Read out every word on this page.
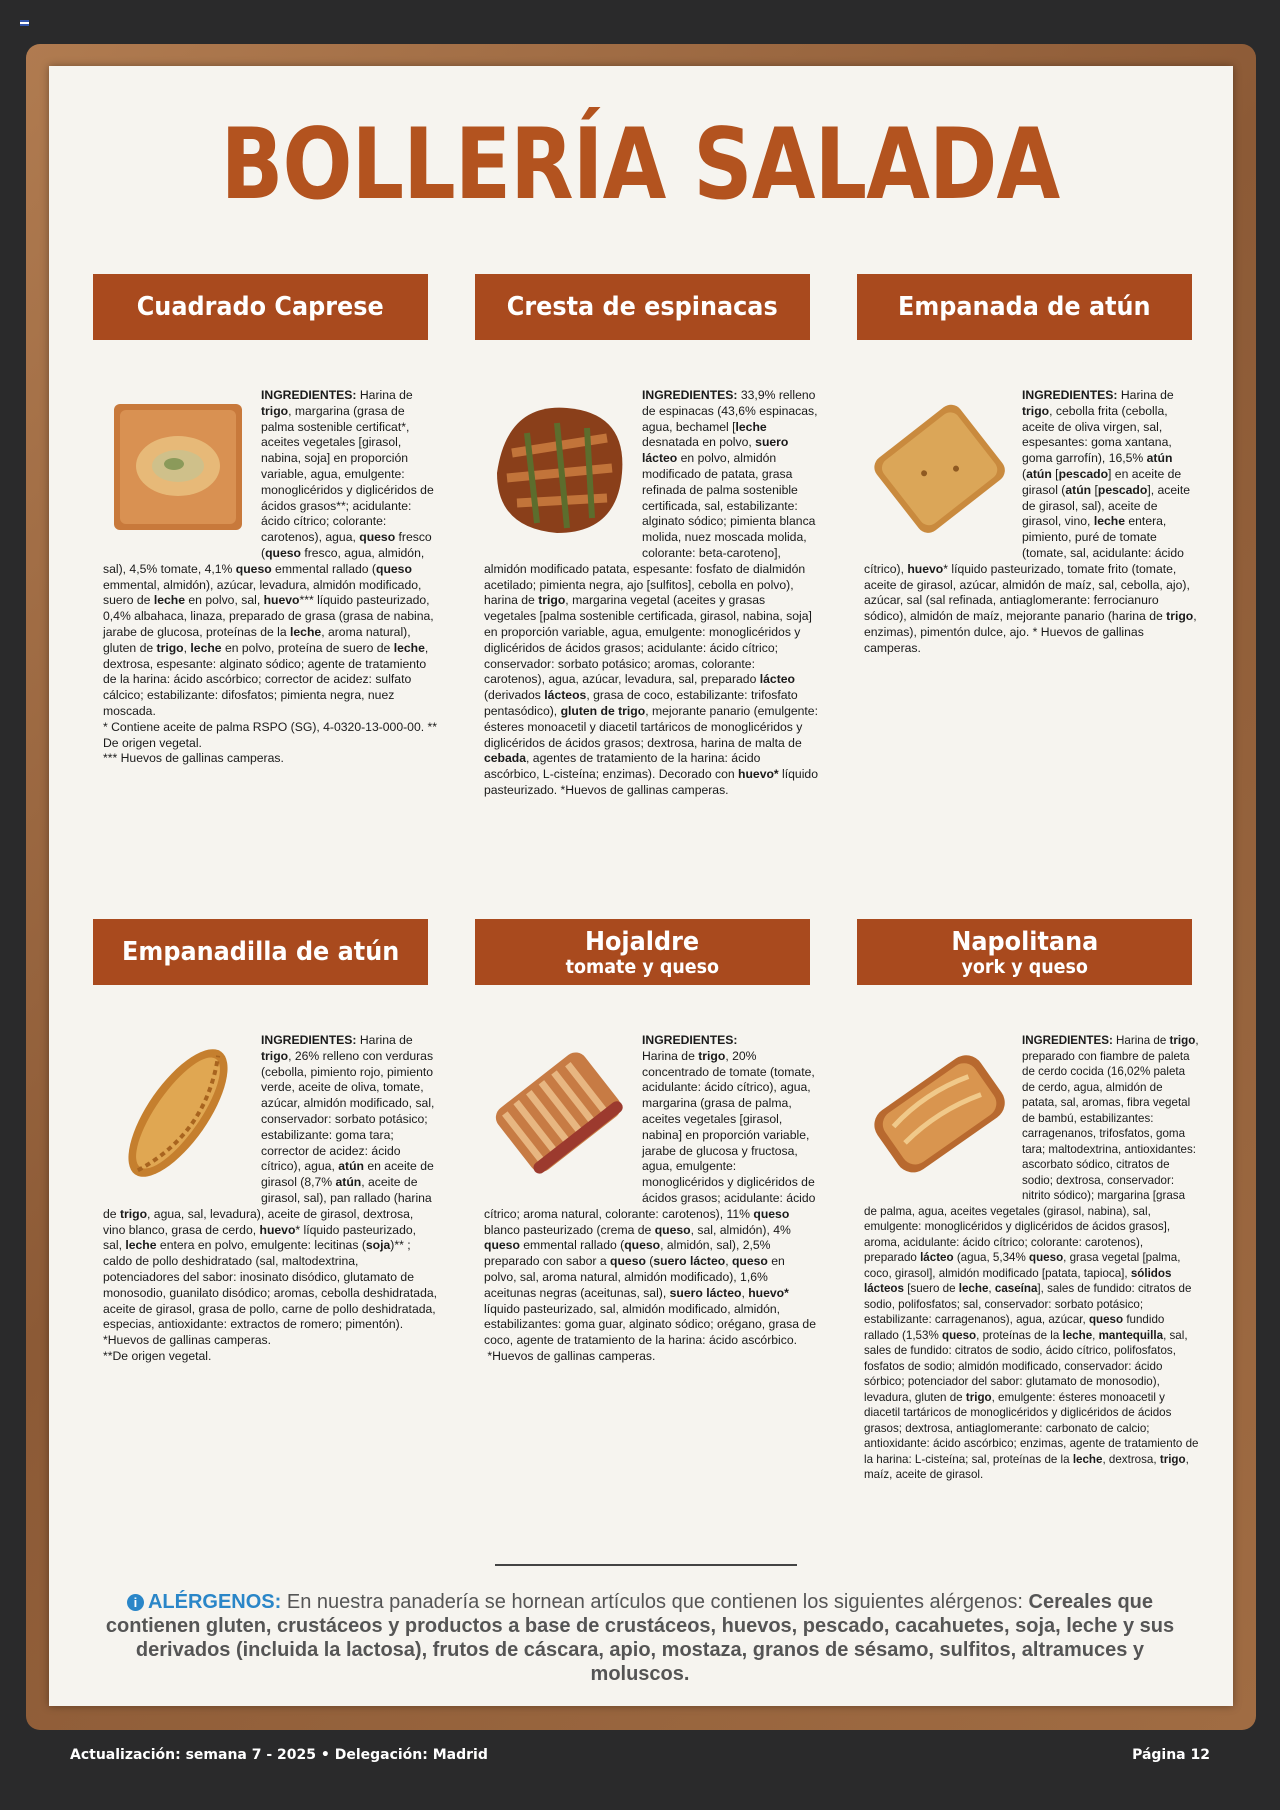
BOLLERÍA SALADA
Cuadrado Caprese	Cresta de espinacas	Empanada de atún
INGREDIENTES: Harina de trigo, margarina (grasa de palma sostenible certificat*, aceites vegetales [girasol, nabina, soja] en proporción variable, agua, emulgente: monoglicéridos y diglicéridos de ácidos grasos**; acidulante: ácido cítrico; colorante: carotenos), agua, queso fresco (queso fresco, agua, almidón, sal), 4,5% tomate, 4,1% queso emmental rallado (queso emmental, almidón), azúcar, levadura, almidón modificado, suero de leche en polvo, sal, huevo*** líquido pasteurizado, 0,4% albahaca, linaza, preparado de grasa (grasa de nabina, jarabe de glucosa, proteínas de la leche, aroma natural), gluten de trigo, leche en polvo, proteína de suero de leche, dextrosa, espesante: alginato sódico; agente de tratamiento de la harina: ácido ascórbico; corrector de acidez: sulfato cálcico; estabilizante: difosfatos; pimienta negra, nuez moscada.
* Contiene aceite de palma RSPO (SG), 4-0320-13-000-00. ** De origen vegetal.
*** Huevos de gallinas camperas.
INGREDIENTES: 33,9% relleno de espinacas (43,6% espinacas, agua, bechamel [leche desnatada en polvo, suero lácteo en polvo, almidón modificado de patata, grasa refinada de palma sostenible certificada, sal, estabilizante: alginato sódico; pimienta blanca molida, nuez moscada molida, colorante: beta-caroteno], almidón modificado patata, espesante: fosfato de dialmidón acetilado; pimienta negra, ajo [sulfitos], cebolla en polvo), harina de trigo, margarina vegetal (aceites y grasas vegetales [palma sostenible certificada, girasol, nabina, soja] en proporción variable, agua, emulgente: monoglicéridos y diglicéridos de ácidos grasos; acidulante: ácido cítrico; conservador: sorbato potásico; aromas, colorante: carotenos), agua, azúcar, levadura, sal, preparado lácteo (derivados lácteos, grasa de coco, estabilizante: trifosfato pentasódico), gluten de trigo, mejorante panario (emulgente: ésteres monoacetil y diacetil tartáricos de monoglicéridos y diglicéridos de ácidos grasos; dextrosa, harina de malta de cebada, agentes de tratamiento de la harina: ácido ascórbico, L-cisteína; enzimas). Decorado con huevo* líquido pasteurizado. *Huevos de gallinas camperas.
INGREDIENTES: Harina de trigo, cebolla frita (cebolla, aceite de oliva virgen, sal, espesantes: goma xantana, goma garrofín), 16,5% atún (atún [pescado] en aceite de girasol (atún [pescado], aceite de girasol, sal), aceite de girasol, vino, leche entera, pimiento, puré de tomate (tomate, sal, acidulante: ácido cítrico), huevo* líquido pasteurizado, tomate frito (tomate, aceite de girasol, azúcar, almidón de maíz, sal, cebolla, ajo), azúcar, sal (sal refinada, antiaglomerante: ferrocianuro sódico), almidón de maíz, mejorante panario (harina de trigo, enzimas), pimentón dulce, ajo. * Huevos de gallinas camperas.
Empanadilla de atún	Hojaldre
tomate y queso
Napolitana
york y queso
INGREDIENTES: Harina de trigo, 26% relleno con verduras (cebolla, pimiento rojo, pimiento verde, aceite de oliva, tomate, azúcar, almidón modificado, sal, conservador: sorbato potásico; estabilizante: goma tara; corrector de acidez: ácido cítrico), agua, atún en aceite de girasol (8,7% atún, aceite de girasol, sal), pan rallado (harina de trigo, agua, sal, levadura), aceite de girasol, dextrosa, vino blanco, grasa de cerdo, huevo* líquido pasteurizado, sal, leche entera en polvo, emulgente: lecitinas (soja)** ; caldo de pollo deshidratado (sal, maltodextrina, potenciadores del sabor: inosinato disódico, glutamato de monosodio, guanilato disódico; aromas, cebolla deshidratada, aceite de girasol, grasa de pollo, carne de pollo deshidratada, especias, antioxidante: extractos de romero; pimentón).
*Huevos de gallinas camperas.
**De origen vegetal.
INGREDIENTES:
Harina de trigo, 20% concentrado de tomate (tomate, acidulante: ácido cítrico), agua, margarina (grasa de palma, aceites vegetales [girasol, nabina] en proporción variable, jarabe de glucosa y fructosa, agua, emulgente: monoglicéridos y diglicéridos de ácidos grasos; acidulante: ácido cítrico; aroma natural, colorante: carotenos), 11% queso blanco pasteurizado (crema de queso, sal, almidón), 4% queso emmental rallado (queso, almidón, sal), 2,5% preparado con sabor a queso (suero lácteo, queso en polvo, sal, aroma natural, almidón modificado), 1,6% aceitunas negras (aceitunas, sal), suero lácteo, huevo* líquido pasteurizado, sal, almidón modificado, almidón, estabilizantes: goma guar, alginato sódico; orégano, grasa de coco, agente de tratamiento de la harina: ácido ascórbico.
*Huevos de gallinas camperas.
INGREDIENTES: Harina de trigo, preparado con fiambre de paleta de cerdo cocida (16,02% paleta de cerdo, agua, almidón de patata, sal, aromas, fibra vegetal de bambú, estabilizantes: carragenanos, trifosfatos, goma tara; maltodextrina, antioxidantes: ascorbato sódico, citratos de sodio; dextrosa, conservador: nitrito sódico); margarina [grasa de palma, agua, aceites vegetales (girasol, nabina), sal, emulgente: monoglicéridos y diglicéridos de ácidos grasos], aroma, acidulante: ácido cítrico; colorante: carotenos), preparado lácteo (agua, 5,34% queso, grasa vegetal [palma, coco, girasol], almidón modificado [patata, tapioca], sólidos lácteos [suero de leche, caseína], sales de fundido: citratos de sodio, polifosfatos; sal, conservador: sorbato potásico; estabilizante: carragenanos), agua, azúcar, queso fundido rallado (1,53% queso, proteínas de la leche, mantequilla, sal, sales de fundido: citratos de sodio, ácido cítrico, polifosfatos, fosfatos de sodio; almidón modificado, conservador: ácido sórbico; potenciador del sabor: glutamato de monosodio), levadura, gluten de trigo, emulgente: ésteres monoacetil y diacetil tartáricos de monoglicéridos y diglicéridos de ácidos grasos; dextrosa, antiaglomerante: carbonato de calcio; antioxidante: ácido ascórbico; enzimas, agente de tratamiento de la harina: L-cisteína; sal, proteínas de la leche, dextrosa, trigo, maíz, aceite de girasol.
i ALÉRGENOS: En nuestra panadería se hornean artículos que contienen los siguientes alérgenos: Cereales que contienen gluten, crustáceos y productos a base de crustáceos, huevos, pescado, cacahuetes, soja, leche y sus derivados (incluida la lactosa), frutos de cáscara, apio, mostaza, granos de sésamo, sulfitos, altramuces y moluscos.
Actualización: semana 7 - 2025 • Delegación: Madrid	Página 12
